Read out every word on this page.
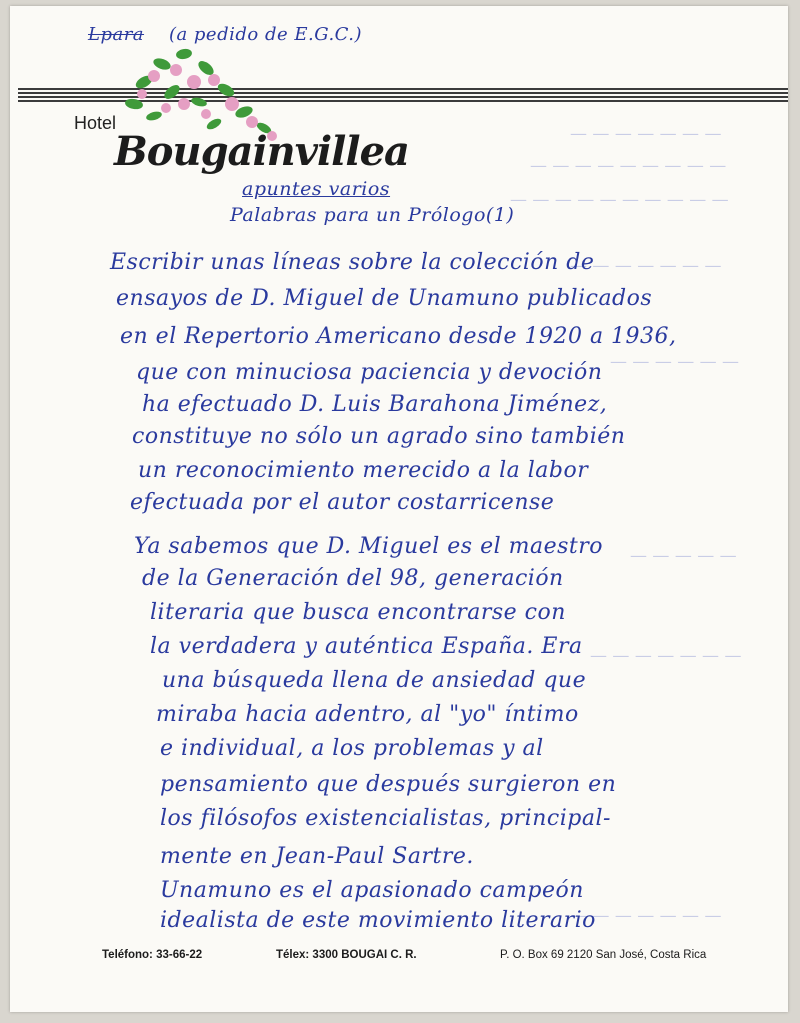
— — — — — — —
— — — — — — — — —
— — — — — — — — — —
— — — — — — —
— — — — — —
— — — — —
— — — — — — —
— — — — — — —
Lpara (a pedido de E.G.C.)
Hotel
Bougainvillea
apuntes varios
Palabras para un Prólogo(1)
Escribir unas líneas sobre la colección de
ensayos de D. Miguel de Unamuno publicados
en el Repertorio Americano desde 1920 a 1936,
que con minuciosa paciencia y devoción
ha efectuado D. Luis Barahona Jiménez,
constituye no sólo un agrado sino también
un reconocimiento merecido a la labor
efectuada por el autor costarricense
Ya sabemos que D. Miguel es el maestro
de la Generación del 98, generación
literaria que busca encontrarse con
la verdadera y auténtica España. Era
una búsqueda llena de ansiedad que
miraba hacia adentro, al "yo" íntimo
e individual, a los problemas y al
pensamiento que después surgieron en
los filósofos existencialistas, principal-
mente en Jean-Paul Sartre.
Unamuno es el apasionado campeón
idealista de este movimiento literario
Teléfono: 33-66-22	Télex: 3300 BOUGAI C. R.	P. O. Box 69 2120 San José, Costa Rica
